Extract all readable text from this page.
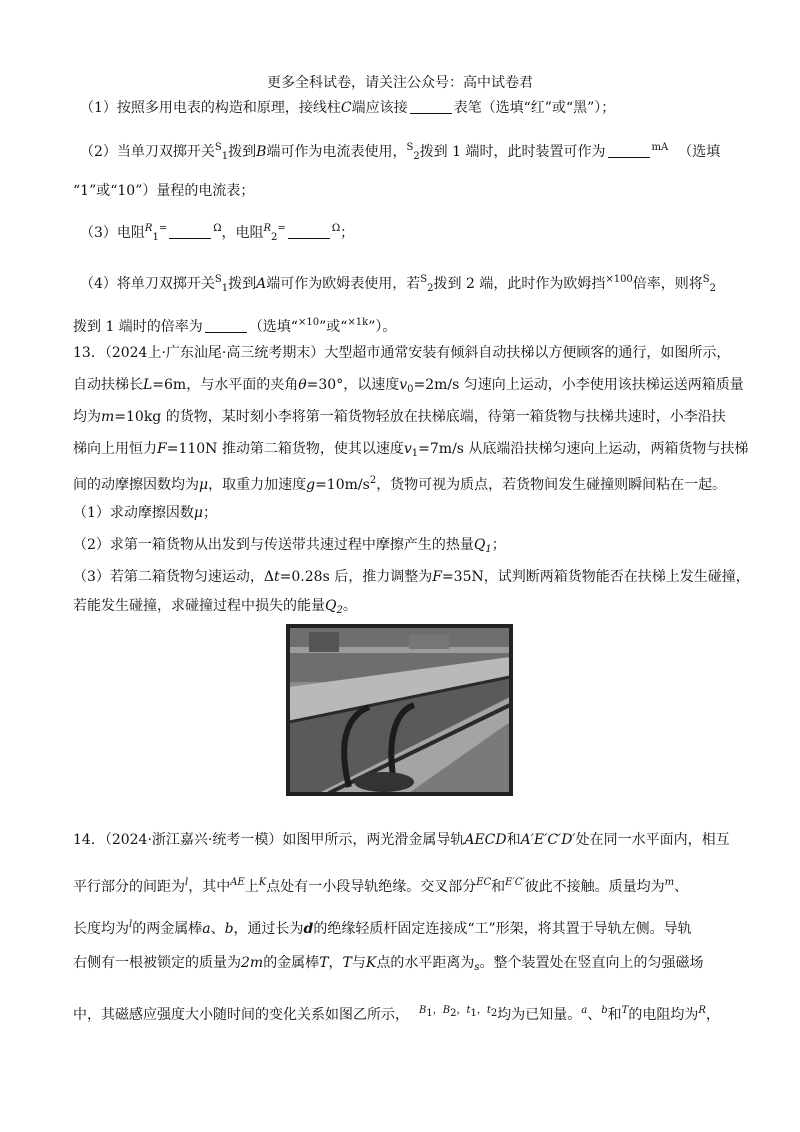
更多全科试卷，请关注公众号：高中试卷君
（1）按照多用电表的构造和原理，接线柱C端应该接	表笔（选填“红”或“黑”）；
（2）当单刀双掷开关$^S_1$拨到B端可作为电流表使用，$^S_2$拨到 1 端时，此时装置可作为	$^{mA}$ （选填
“1”或“10”）量程的电流表；
（3）电阻$^R_1$=	$^\Omega$，电阻$^R_2$=	$^\Omega$；
（4）将单刀双掷开关$^S_1$拨到A端可作为欧姆表使用，若$^S_2$拨到 2 端，此时作为欧姆挡$^{\times 100}$倍率，则将$^S_2$
拨到 1 端时的倍率为	（选填“$^{\times 10}$”或“$^{\times 1k}$”）。
13．（2024上·广东汕尾·高三统考期末）大型超市通常安装有倾斜自动扶梯以方便顾客的通行，如图所示，
自动扶梯长L=6m，与水平面的夹角θ=30°，以速度$v_0=2m/s$ 匀速向上运动，小李使用该扶梯运送两箱质量
均为m=10kg 的货物，某时刻小李将第一箱货物轻放在扶梯底端，待第一箱货物与扶梯共速时，小李沿扶
梯向上用恒力F=110N 推动第二箱货物，使其以速度$v_1=7m/s$ 从底端沿扶梯匀速向上运动，两箱货物与扶梯
间的动摩擦因数均为μ，取重力加速度$g=10m/s^2$，货物可视为质点，若货物间发生碰撞则瞬间粘在一起。
（1）求动摩擦因数μ；
（2）求第一箱货物从出发到与传送带共速过程中摩擦产生的热量$Q_1$；
（3）若第二箱货物匀速运动，Δt=0.28s 后，推力调整为F=35N，试判断两箱货物能否在扶梯上发生碰撞，
若能发生碰撞，求碰撞过程中损失的能量$Q_2$。
14．（2024·浙江嘉兴·统考一模）如图甲所示，两光滑金属导轨AECD和A′E′C′D′处在同一水平面内，相互
平行部分的间距为$^l$，其中$^{AE}$上$^K$点处有一小段导轨绝缘。交叉部分$^{EC}$和$^{E'C'}$彼此不接触。质量均为$^m$、
长度均为$^l$的两金属棒a、b，通过长为d的绝缘轻质杆固定连接成“工”形架，将其置于导轨左侧。导轨
右侧有一根被锁定的质量为2m的金属棒T，T与K点的水平距离为$_s$。整个装置处在竖直向上的匀强磁场
中，其磁感应强度大小随时间的变化关系如图乙所示， $^{B1,B2,t1,t2}$均为已知量。$^a$、$^b$和$^T$的电阻均为$^R$，
